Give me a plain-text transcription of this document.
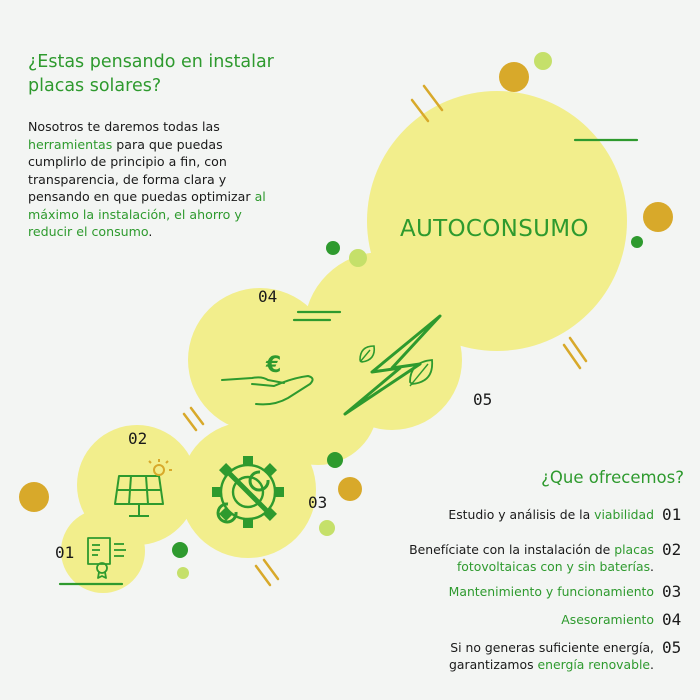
€
¿Estas pensando en instalar placas solares?
Nosotros te daremos todas las herramientas para que puedas cumplirlo de principio a fin, con transparencia, de forma clara y pensando en que puedas optimizar al máximo la instalación, el ahorro y reducir el consumo.	AUTOCONSUMO
01
02
03
04
05
¿Que ofrecemos?
Estudio y análisis de la viabilidad 01
Benefíciate con la instalación de placas fotovoltaicas con y sin baterías.
02
Mantenimiento y funcionamiento 03
Asesoramiento 04
Si no generas suficiente energía, garantizamos energía renovable.
05
